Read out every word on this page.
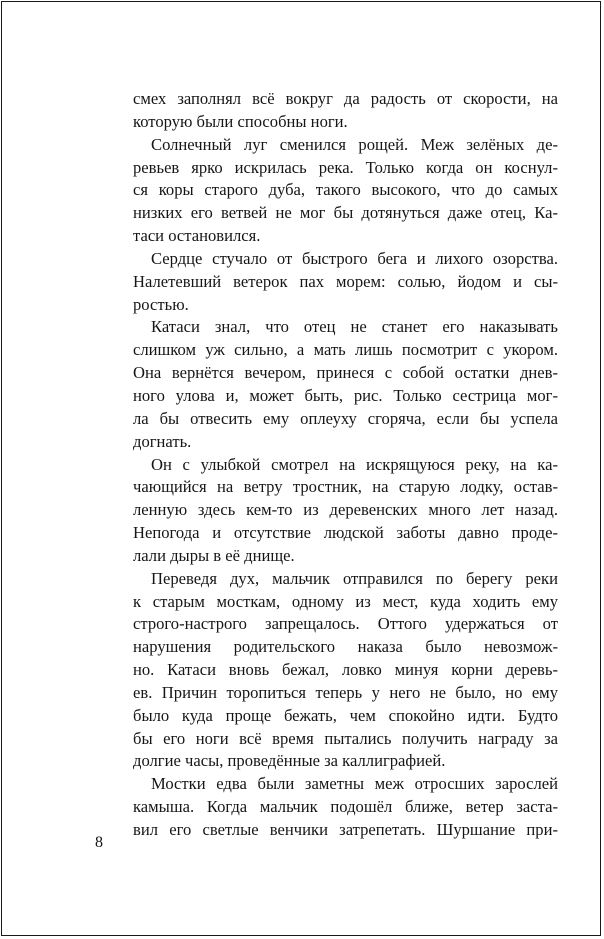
смех заполнял всё вокруг да радость от скорости, на
которую были способны ноги.
Солнечный луг сменился рощей. Меж зелёных де-
ревьев ярко искрилась река. Только когда он коснул-
ся коры старого дуба, такого высокого, что до самых
низких его ветвей не мог бы дотянуться даже отец, Ка-
таси остановился.
Сердце стучало от быстрого бега и лихого озорства.
Налетевший ветерок пах морем: солью, йодом и сы-
ростью.
Катаси знал, что отец не станет его наказывать
слишком уж сильно, а мать лишь посмотрит с укором.
Она вернётся вечером, принеся с собой остатки днев-
ного улова и, может быть, рис. Только сестрица мог-
ла бы отвесить ему оплеуху сгоряча, если бы успела
догнать.
Он с улыбкой смотрел на искрящуюся реку, на ка-
чающийся на ветру тростник, на старую лодку, остав-
ленную здесь кем-то из деревенских много лет назад.
Непогода и отсутствие людской заботы давно проде-
лали дыры в её днище.
Переведя дух, мальчик отправился по берегу реки
к старым мосткам, одному из мест, куда ходить ему
строго-настрого запрещалось. Оттого удержаться от
нарушения родительского наказа было невозмож-
но. Катаси вновь бежал, ловко минуя корни деревь-
ев. Причин торопиться теперь у него не было, но ему
было куда проще бежать, чем спокойно идти. Будто
бы его ноги всё время пытались получить награду за
долгие часы, проведённые за каллиграфией.
Мостки едва были заметны меж отросших зарослей
камыша. Когда мальчик подошёл ближе, ветер заста-
вил его светлые венчики затрепетать. Шуршание при-
8
